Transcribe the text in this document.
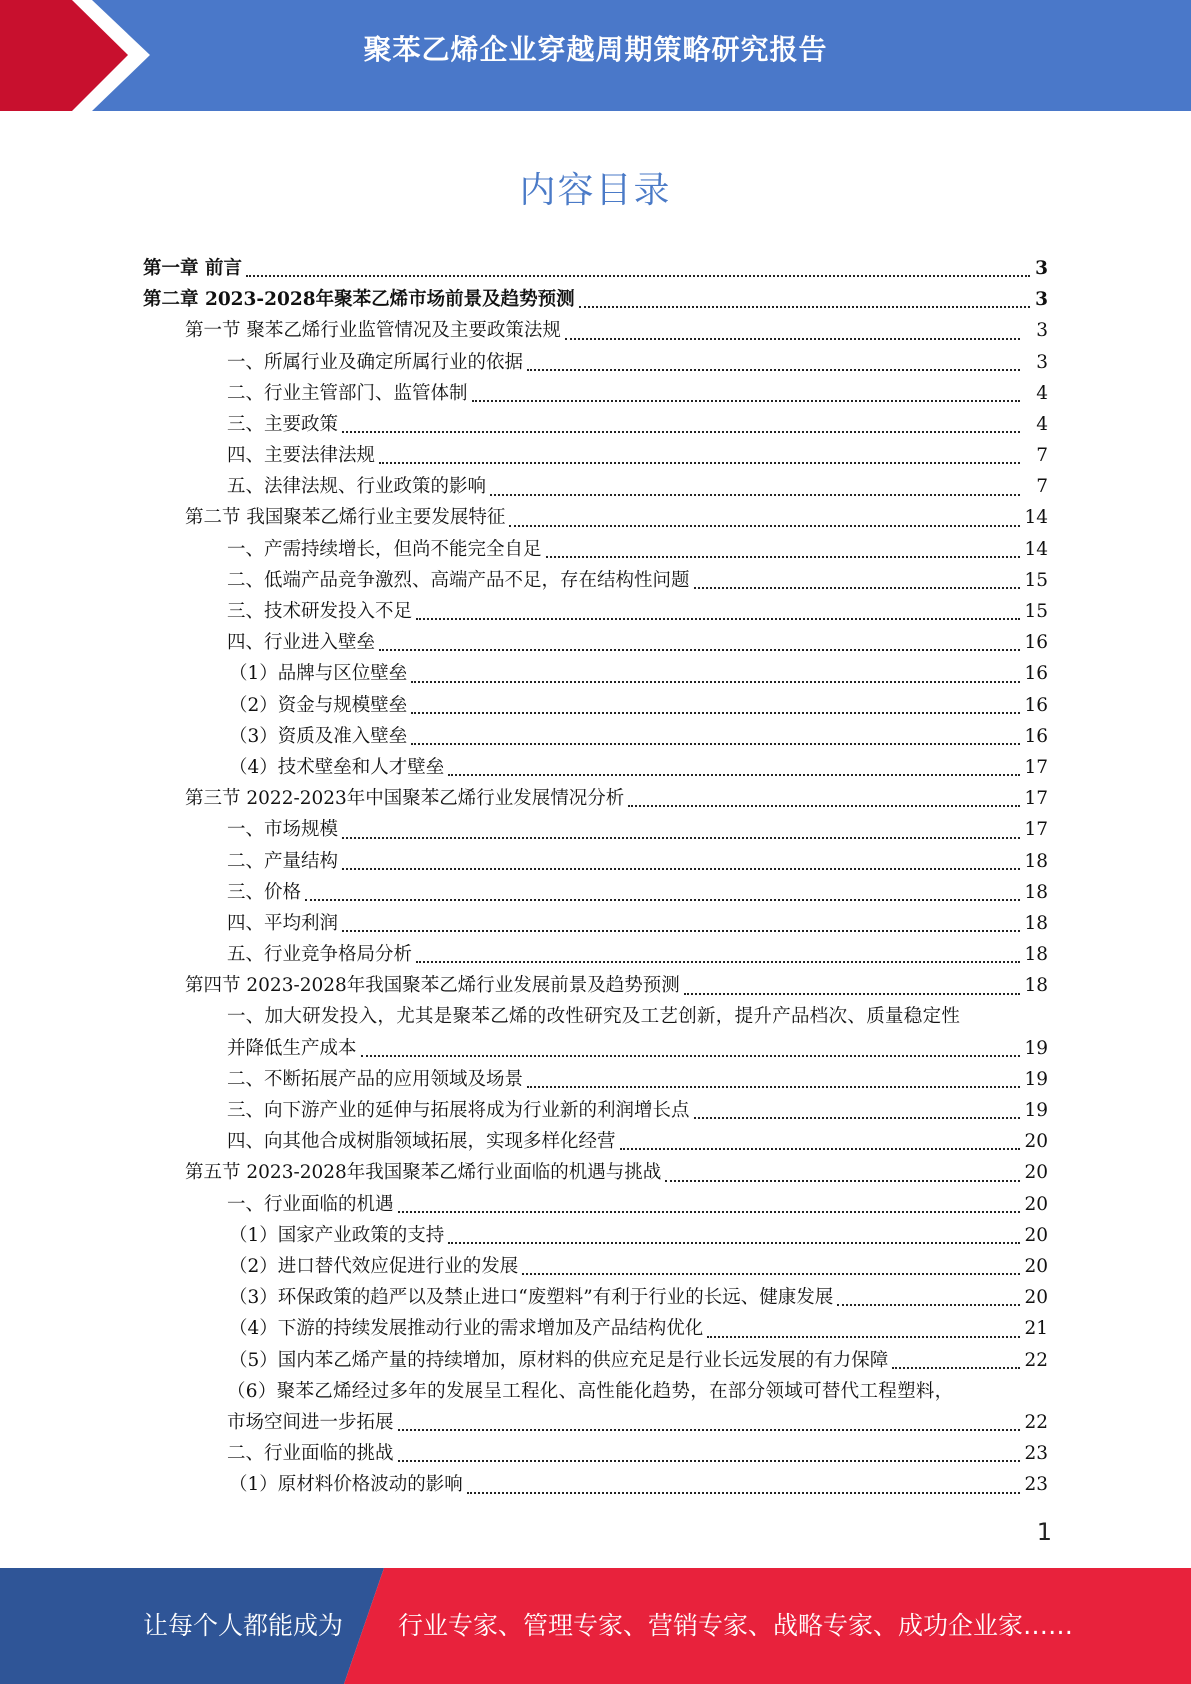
聚苯乙烯企业穿越周期策略研究报告
内容目录
第一章 前言	3
第二章 2023-2028年聚苯乙烯市场前景及趋势预测	3
第一节 聚苯乙烯行业监管情况及主要政策法规	3
一、所属行业及确定所属行业的依据	3
二、行业主管部门、监管体制	4
三、主要政策	4
四、主要法律法规	7
五、法律法规、行业政策的影响	7
第二节 我国聚苯乙烯行业主要发展特征	14
一、产需持续增长，但尚不能完全自足	14
二、低端产品竞争激烈、高端产品不足，存在结构性问题	15
三、技术研发投入不足	15
四、行业进入壁垒	16
（1）品牌与区位壁垒	16
（2）资金与规模壁垒	16
（3）资质及准入壁垒	16
（4）技术壁垒和人才壁垒	17
第三节 2022-2023年中国聚苯乙烯行业发展情况分析	17
一、市场规模	17
二、产量结构	18
三、价格	18
四、平均利润	18
五、行业竞争格局分析	18
第四节 2023-2028年我国聚苯乙烯行业发展前景及趋势预测	18
一、加大研发投入，尤其是聚苯乙烯的改性研究及工艺创新，提升产品档次、质量稳定性
并降低生产成本	19
二、不断拓展产品的应用领域及场景	19
三、向下游产业的延伸与拓展将成为行业新的利润增长点	19
四、向其他合成树脂领域拓展，实现多样化经营	20
第五节 2023-2028年我国聚苯乙烯行业面临的机遇与挑战	20
一、行业面临的机遇	20
（1）国家产业政策的支持	20
（2）进口替代效应促进行业的发展	20
（3）环保政策的趋严以及禁止进口“废塑料”有利于行业的长远、健康发展	20
（4）下游的持续发展推动行业的需求增加及产品结构优化	21
（5）国内苯乙烯产量的持续增加，原材料的供应充足是行业长远发展的有力保障	22
（6）聚苯乙烯经过多年的发展呈工程化、高性能化趋势，在部分领域可替代工程塑料，
市场空间进一步拓展	22
二、行业面临的挑战	23
（1）原材料价格波动的影响	23
1
让每个人都能成为 行业专家、管理专家、营销专家、战略专家、成功企业家……
